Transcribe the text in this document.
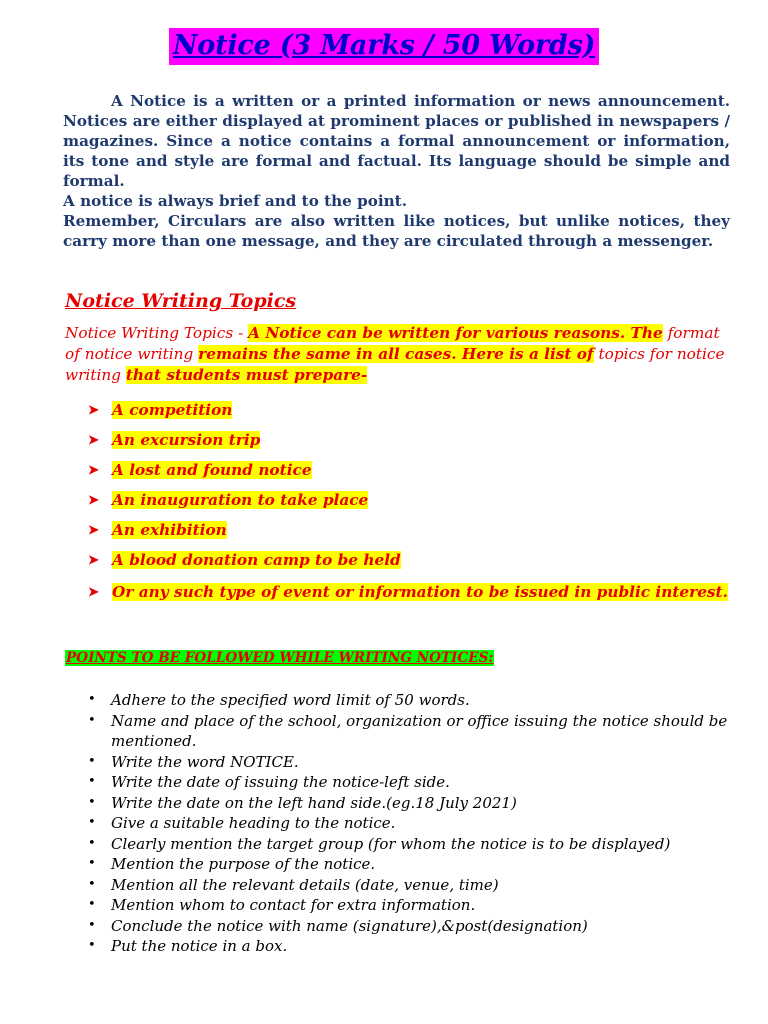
Notice (3 Marks / 50 Words)

A Notice is a written or a printed information or news announcement. Notices are either displayed at prominent places or published in newspapers / magazines. Since a notice contains a formal announcement or information, its tone and style are formal and factual. Its language should be simple and formal.

A notice is always brief and to the point.

Remember, Circulars are also written like notices, but unlike notices, they carry more than one message, and they are circulated through a messenger.

Notice Writing Topics
Notice Writing Topics - A Notice can be written for various reasons. The format of notice writing remains the same in all cases. Here is a list of topics for notice writing that students must prepare-
➤ A competition
➤ An excursion trip
➤ A lost and found notice
➤ An inauguration to take place
➤ An exhibition
➤ A blood donation camp to be held
➤ Or any such type of event or information to be issued in public interest.
POINTS TO BE FOLLOWED WHILE WRITING NOTICES:
• Adhere to the specified word limit of 50 words.
• Name and place of the school, organization or office issuing the notice should be mentioned.
• Write the word NOTICE.
• Write the date of issuing the notice-left side.
• Write the date on the left hand side.(eg.18 July 2021)
• Give a suitable heading to the notice.
• Clearly mention the target group (for whom the notice is to be displayed)
• Mention the purpose of the notice.
• Mention all the relevant details (date, venue, time)
• Mention whom to contact for extra information.
• Conclude the notice with name (signature),&post(designation)
• Put the notice in a box.
